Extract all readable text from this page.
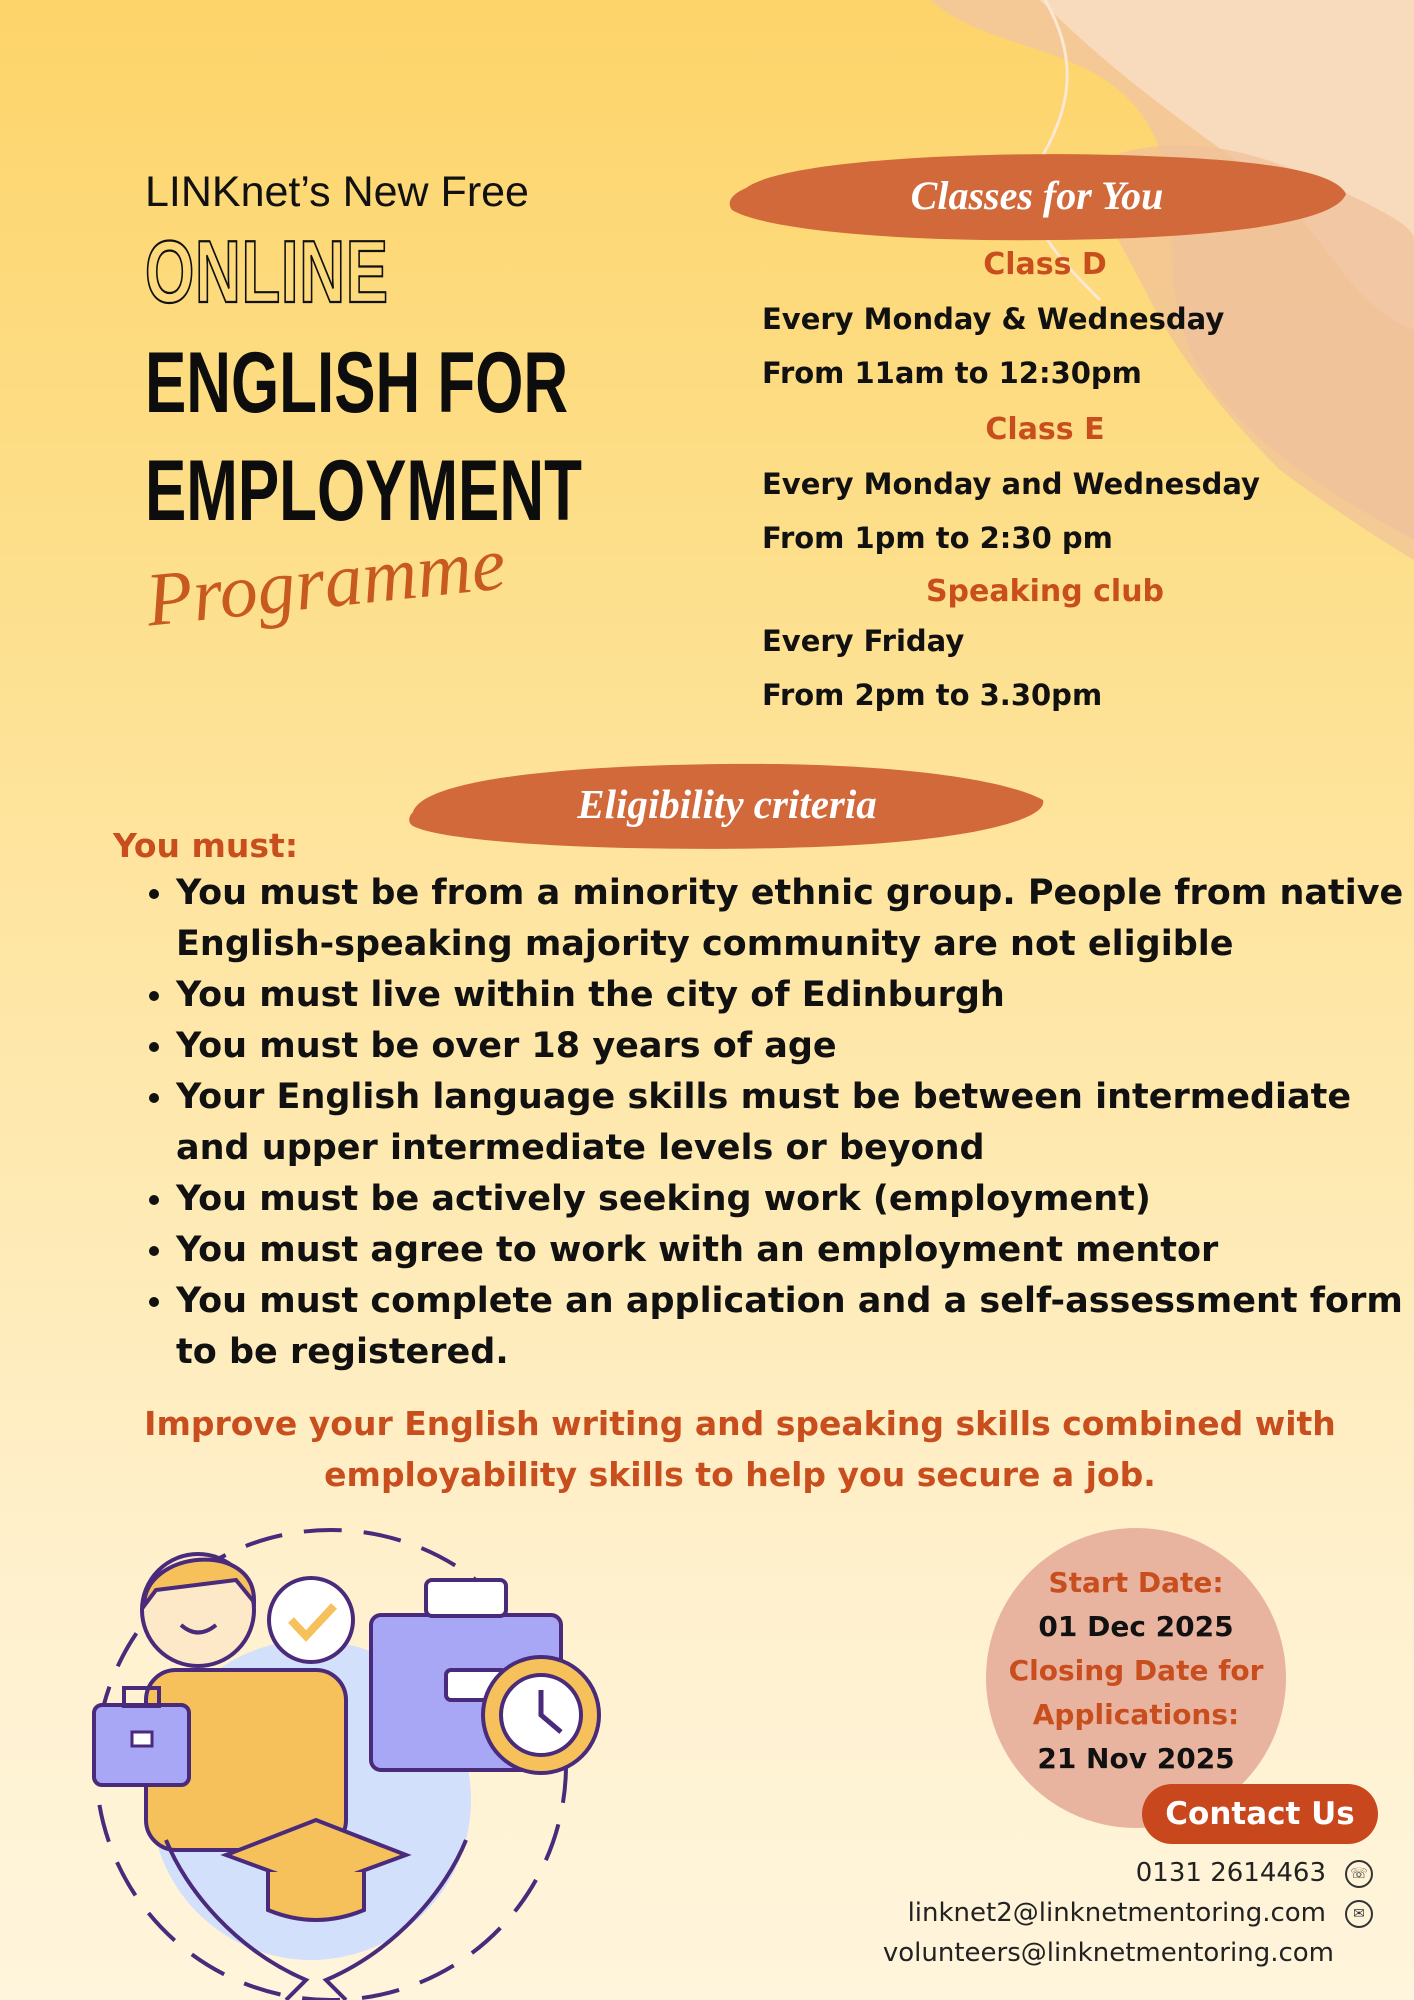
LINKnet’s New Free
ONLINE
ENGLISH FOR
EMPLOYMENT
Programme
Classes for You
Class D
Every Monday & Wednesday
From 11am to 12:30pm
Class E
Every Monday and Wednesday
From 1pm to 2:30 pm
Speaking club
Every Friday
From 2pm to 3.30pm
Eligibility criteria
You must:
• You must be from a minority ethnic group. People from native English-speaking majority community are not eligible
• You must live within the city of Edinburgh
• You must be over 18 years of age
• Your English language skills must be between intermediate and upper intermediate levels or beyond
• You must be actively seeking work (employment)
• You must agree to work with an employment mentor
• You must complete an application and a self-assessment form to be registered.
Improve your English writing and speaking skills combined with
employability skills to help you secure a job.
Start Date:
01 Dec 2025
Closing Date for
Applications:
21 Nov 2025
Contact Us
0131 2614463	☏
linknet2@linknetmentoring.com	✉
volunteers@linknetmentoring.com
